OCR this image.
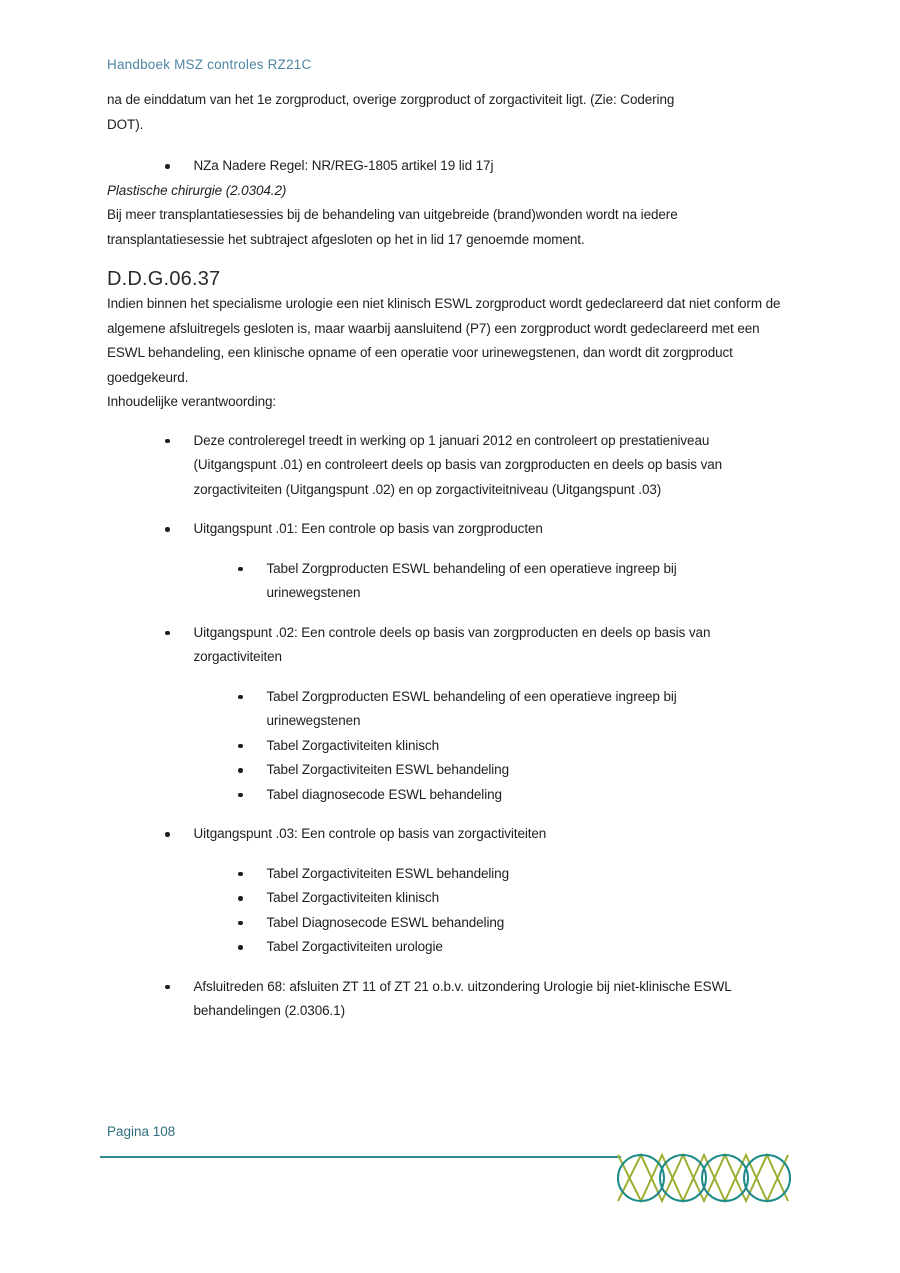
Handboek MSZ controles RZ21C

na de einddatum van het 1e zorgproduct, overige zorgproduct of zorgactiviteit ligt. (Zie: Codering DOT).

NZa Nadere Regel: NR/REG-1805 artikel 19 lid 17j

Plastische chirurgie (2.0304.2)

Bij meer transplantatiesessies bij de behandeling van uitgebreide (brand)wonden wordt na iedere transplantatiesessie het subtraject afgesloten op het in lid 17 genoemde moment.

D.D.G.06.37

Indien binnen het specialisme urologie een niet klinisch ESWL zorgproduct wordt gedeclareerd dat niet conform de algemene afsluitregels gesloten is, maar waarbij aansluitend (P7) een zorgproduct wordt gedeclareerd met een ESWL behandeling, een klinische opname of een operatie voor urinewegstenen, dan wordt dit zorgproduct goedgekeurd.

Inhoudelijke verantwoording:

Deze controleregel treedt in werking op 1 januari 2012 en controleert op prestatieniveau (Uitgangspunt .01) en controleert deels op basis van zorgproducten en deels op basis van zorgactiviteiten (Uitgangspunt .02) en op zorgactiviteitniveau (Uitgangspunt .03)
Uitgangspunt .01: Een controle op basis van zorgproducten
Tabel Zorgproducten ESWL behandeling of een operatieve ingreep bij urinewegstenen
Uitgangspunt .02: Een controle deels op basis van zorgproducten en deels op basis van zorgactiviteiten
Tabel Zorgproducten ESWL behandeling of een operatieve ingreep bij urinewegstenen
Tabel Zorgactiviteiten klinisch
Tabel Zorgactiviteiten ESWL behandeling
Tabel diagnosecode ESWL behandeling
Uitgangspunt .03: Een controle op basis van zorgactiviteiten
Tabel Zorgactiviteiten ESWL behandeling
Tabel Zorgactiviteiten klinisch
Tabel Diagnosecode ESWL behandeling
Tabel Zorgactiviteiten urologie
Afsluitreden 68: afsluiten ZT 11 of ZT 21 o.b.v. uitzondering Urologie bij niet-klinische ESWL behandelingen (2.0306.1)
Pagina 108
